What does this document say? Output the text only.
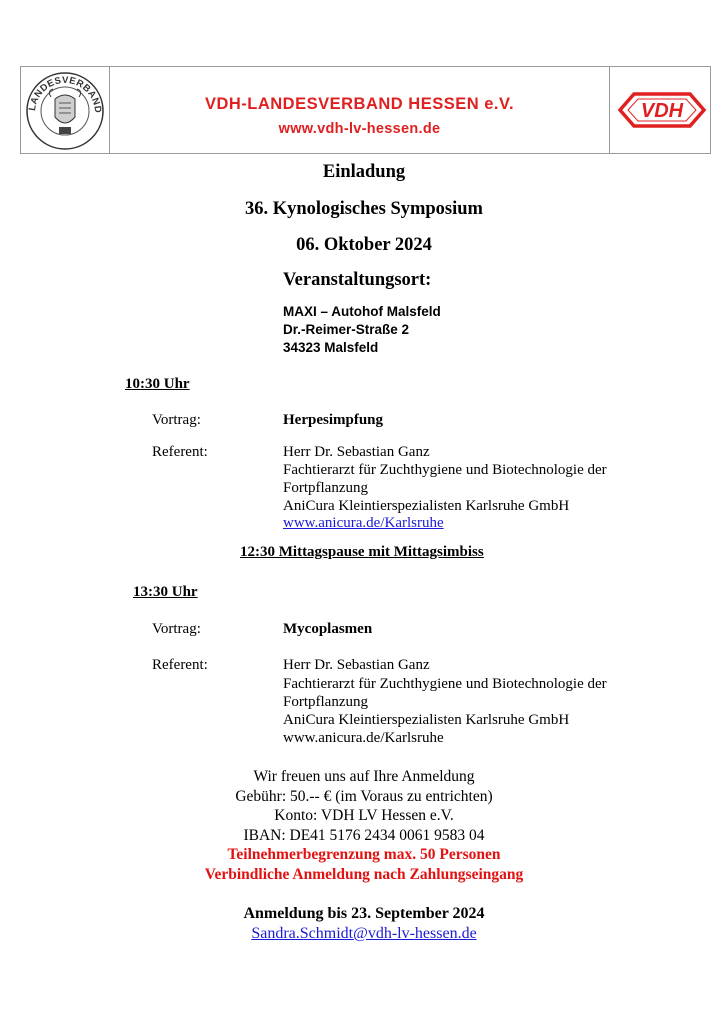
LANDESVERBAND	VDH-LANDESVERBAND HESSEN e.V.
www.vdh-lv-hessen.de
VDH
Einladung
36. Kynologisches Symposium
06. Oktober 2024
Veranstaltungsort:
MAXI – Autohof Malsfeld
Dr.-Reimer-Straße 2
34323 Malsfeld
10:30 Uhr
Vortrag:	Herpesimpfung
Referent:	Herr Dr. Sebastian Ganz
Fachtierarzt für Zuchthygiene und Biotechnologie der
Fortpflanzung
AniCura Kleintierspezialisten Karlsruhe GmbH
www.anicura.de/Karlsruhe
12:30 Mittagspause mit Mittagsimbiss
13:30 Uhr
Vortrag:	Mycoplasmen
Referent:	Herr Dr. Sebastian Ganz
Fachtierarzt für Zuchthygiene und Biotechnologie der
Fortpflanzung
AniCura Kleintierspezialisten Karlsruhe GmbH
www.anicura.de/Karlsruhe
Wir freuen uns auf Ihre Anmeldung
Gebühr: 50.-- € (im Voraus zu entrichten)
Konto: VDH LV Hessen e.V.
IBAN: DE41 5176 2434 0061 9583 04
Teilnehmerbegrenzung max. 50 Personen
Verbindliche Anmeldung nach Zahlungseingang
Anmeldung bis 23. September 2024
Sandra.Schmidt@vdh-lv-hessen.de
